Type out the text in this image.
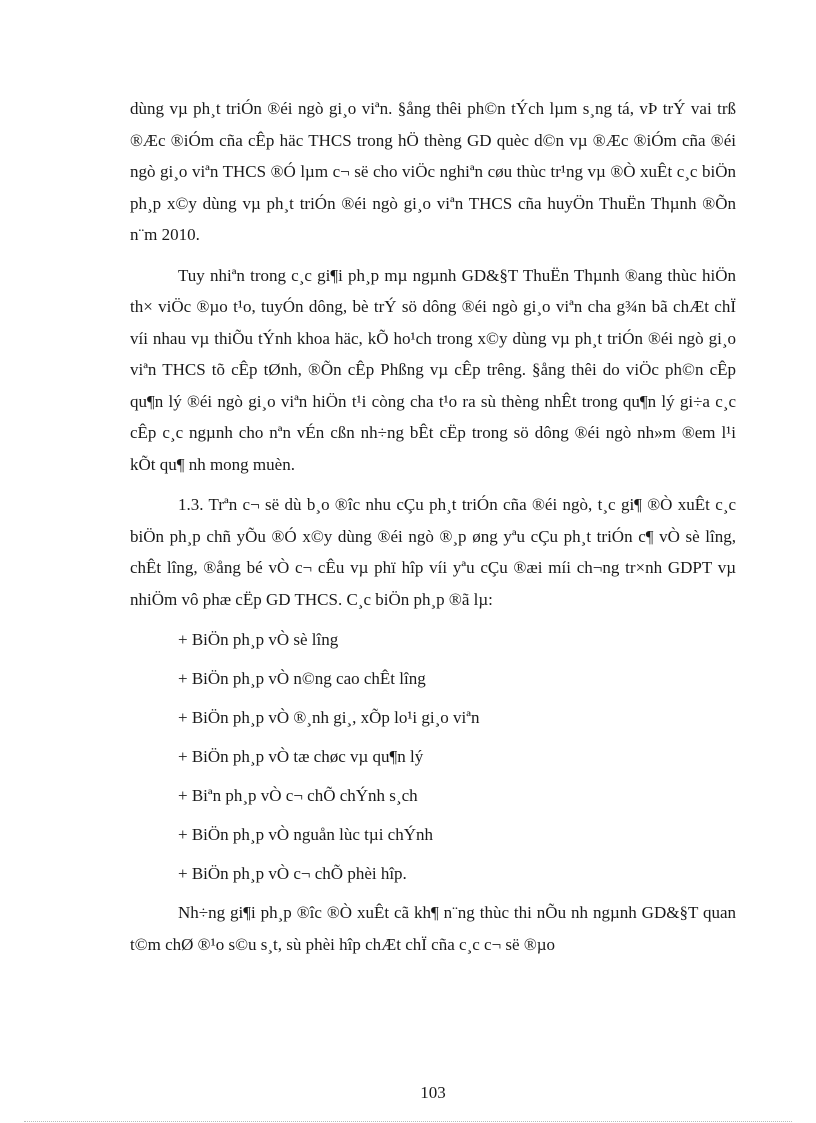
dùng vµ ph¸t triÓn ®éi ngò gi¸o viªn. §ång thêi ph©n tÝch lµm s¸ng tá, vÞ trÝ vai trß ®Æc ®iÓm cña cÊp häc THCS trong hÖ thèng GD quèc d©n vµ ®Æc ®iÓm cña ®éi ngò gi¸o viªn THCS ®Ó lµm c¬ së cho viÖc nghiªn cøu thùc tr¹ng vµ ®Ò xuÊt c¸c biÖn ph¸p x©y dùng vµ ph¸t triÓn ®éi ngò gi¸o viªn THCS cña huyÖn ThuËn Thµnh ®Õn n¨m 2010.

Tuy nhiªn trong c¸c gi¶i ph¸p mµ ngµnh GD&§T ThuËn Thµnh ®ang thùc hiÖn th× viÖc ®µo t¹o, tuyÓn dông, bè trÝ sö dông ®éi ngò gi¸o viªn cha g¾n bã chÆt chÏ víi nhau vµ thiÕu tÝnh khoa häc, kÕ ho¹ch trong x©y dùng vµ ph¸t triÓn ®éi ngò gi¸o viªn THCS tõ cÊp tØnh, ®Õn cÊp Phßng vµ cÊp trêng. §ång thêi do viÖc ph©n cÊp qu¶n lý ®éi ngò gi¸o viªn hiÖn t¹i còng cha t¹o ra sù thèng nhÊt trong qu¶n lý gi÷a c¸c cÊp c¸c ngµnh cho nªn vÉn cßn nh÷ng bÊt cËp trong sö dông ®éi ngò nh»m ®em l¹i kÕt qu¶ nh mong muèn.

1.3. Trªn c¬ së dù b¸o ®îc nhu cÇu ph¸t triÓn cña ®éi ngò, t¸c gi¶ ®Ò xuÊt c¸c biÖn ph¸p chñ yÕu ®Ó x©y dùng ®éi ngò ®¸p øng yªu cÇu ph¸t triÓn c¶ vÒ sè lîng, chÊt lîng, ®ång bé vÒ c¬ cÊu vµ phï hîp víi yªu cÇu ®æi míi ch¬ng tr×nh GDPT vµ nhiÖm vô phæ cËp GD THCS. C¸c biÖn ph¸p ®ã lµ:

+ BiÖn ph¸p vÒ sè lîng

+ BiÖn ph¸p vÒ n©ng cao chÊt lîng

+ BiÖn ph¸p vÒ ®¸nh gi¸, xÕp lo¹i gi¸o viªn

+ BiÖn ph¸p vÒ tæ chøc vµ qu¶n lý

+ Biªn ph¸p vÒ c¬ chÕ chÝnh s¸ch

+ BiÖn ph¸p vÒ nguån lùc tµi chÝnh

+ BiÖn ph¸p vÒ c¬ chÕ phèi hîp.

Nh÷ng gi¶i ph¸p ®îc ®Ò xuÊt cã kh¶ n¨ng thùc thi nÕu nh ngµnh GD&§T quan t©m chØ ®¹o s©u s¸t, sù phèi hîp chÆt chÏ cña c¸c c¬ së ®µo

103
